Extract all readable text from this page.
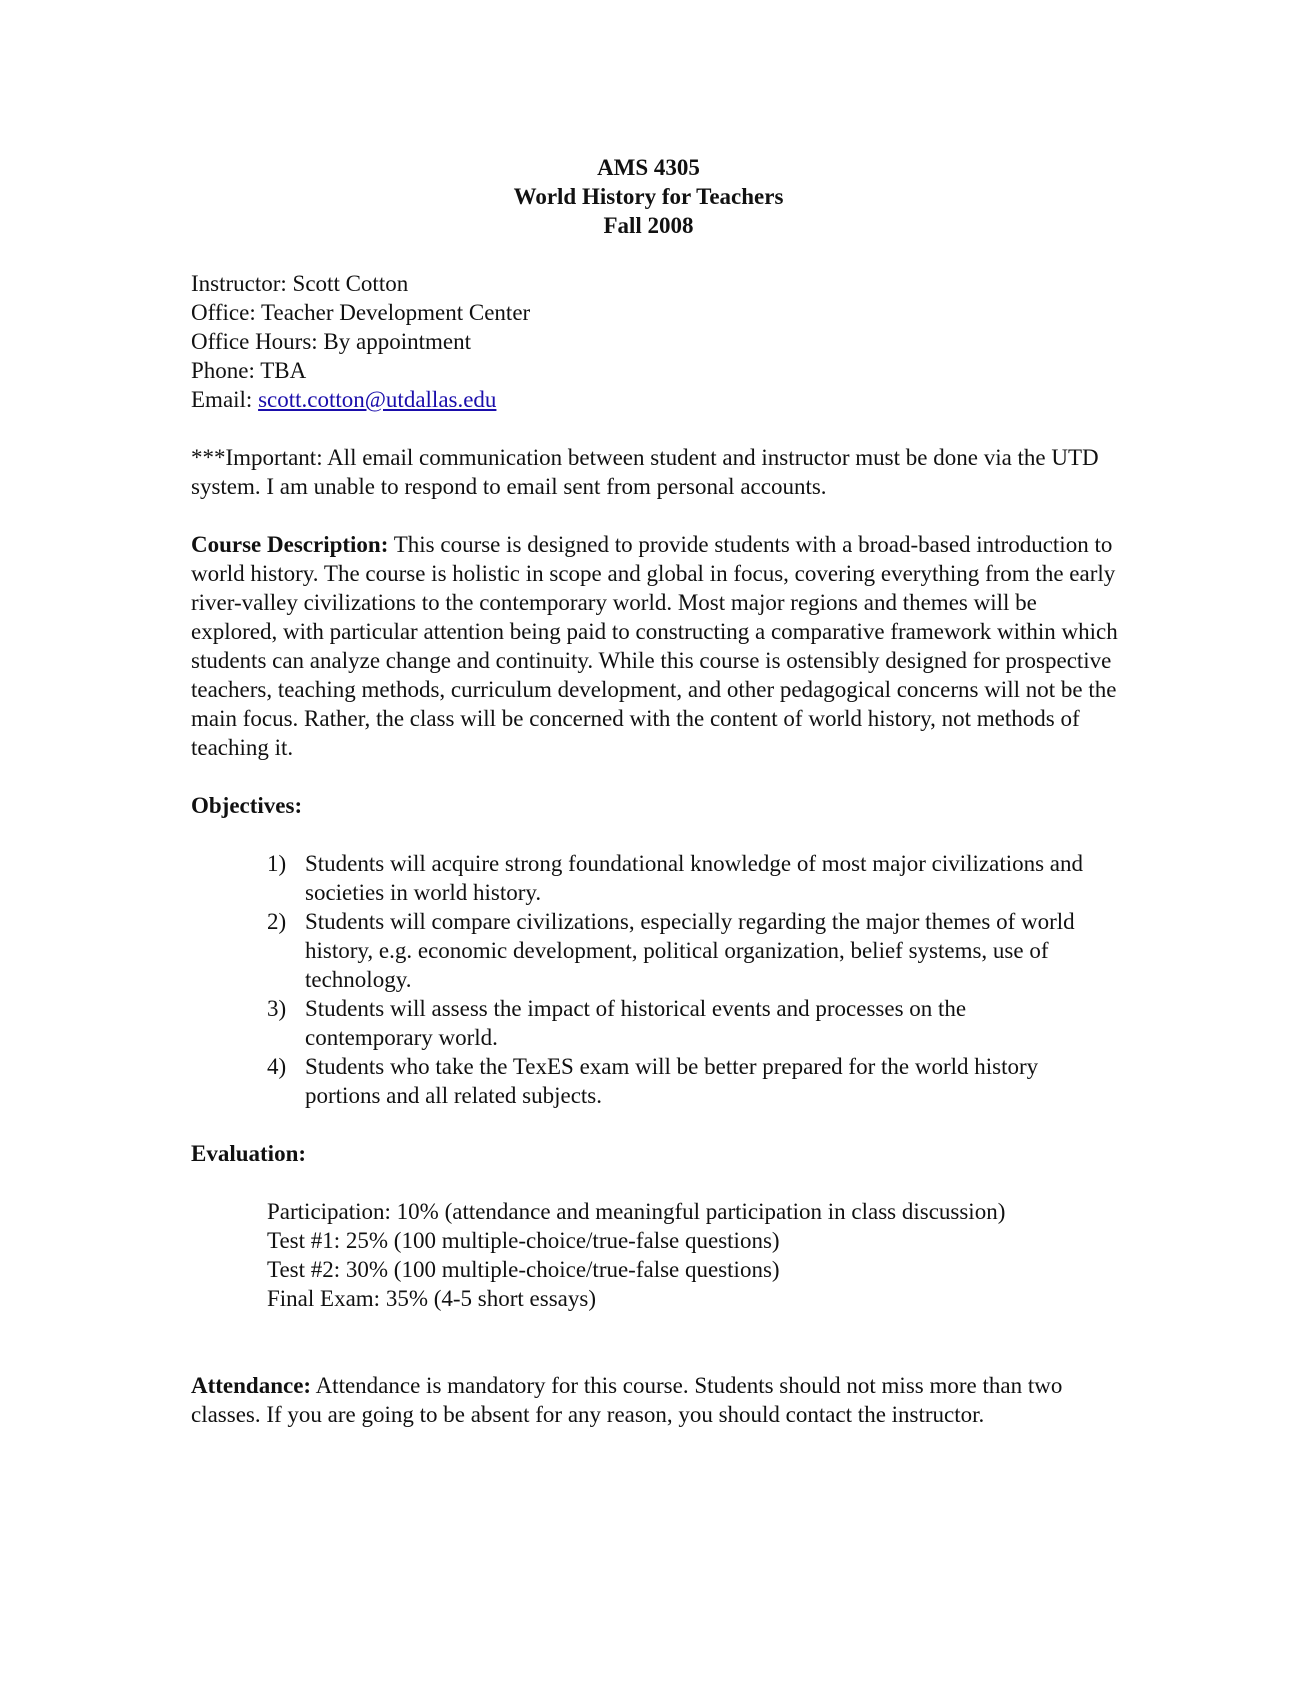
AMS 4305
World History for Teachers
Fall 2008
Instructor: Scott Cotton
Office: Teacher Development Center
Office Hours: By appointment
Phone: TBA
Email: scott.cotton@utdallas.edu
***Important: All email communication between student and instructor must be done via the UTD system. I am unable to respond to email sent from personal accounts.
Course Description: This course is designed to provide students with a broad-based introduction to world history. The course is holistic in scope and global in focus, covering everything from the early river-valley civilizations to the contemporary world. Most major regions and themes will be explored, with particular attention being paid to constructing a comparative framework within which students can analyze change and continuity. While this course is ostensibly designed for prospective teachers, teaching methods, curriculum development, and other pedagogical concerns will not be the main focus. Rather, the class will be concerned with the content of world history, not methods of teaching it.
Objectives:
1) Students will acquire strong foundational knowledge of most major civilizations and societies in world history.
2) Students will compare civilizations, especially regarding the major themes of world history, e.g. economic development, political organization, belief systems, use of technology.
3) Students will assess the impact of historical events and processes on the contemporary world.
4) Students who take the TexES exam will be better prepared for the world history portions and all related subjects.
Evaluation:
Participation: 10% (attendance and meaningful participation in class discussion)
Test #1: 25% (100 multiple-choice/true-false questions)
Test #2: 30% (100 multiple-choice/true-false questions)
Final Exam: 35% (4-5 short essays)
Attendance: Attendance is mandatory for this course. Students should not miss more than two classes. If you are going to be absent for any reason, you should contact the instructor.
